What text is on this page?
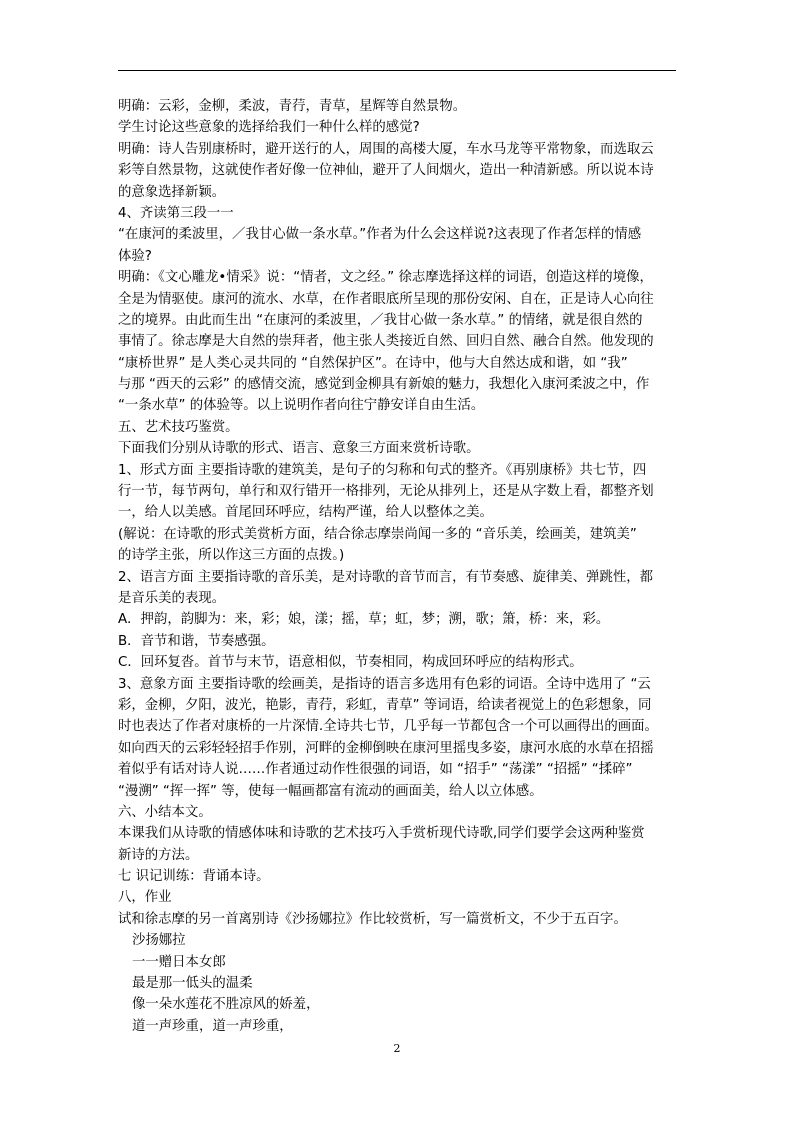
明确：云彩，金柳，柔波，青荇，青草，星辉等自然景物。
学生讨论这些意象的选择给我们一种什么样的感觉?
明确：诗人告别康桥时，避开送行的人，周围的高楼大厦，车水马龙等平常物象，而选取云
彩等自然景物，这就使作者好像一位神仙，避开了人间烟火，造出一种清新感。所以说本诗
的意象选择新颖。
4、齐读第三段一一
“在康河的柔波里，／我甘心做一条水草。”作者为什么会这样说?这表现了作者怎样的情感
体验?
明确：《文心雕龙•情采》说：“情者，文之经。” 徐志摩选择这样的词语，创造这样的境像，
全是为情驱使。康河的流水、水草，在作者眼底所呈现的那份安闲、自在，正是诗人心向往
之的境界。由此而生出 “在康河的柔波里，／我甘心做一条水草。” 的情绪，就是很自然的
事情了。徐志摩是大自然的崇拜者，他主张人类接近自然、回归自然、融合自然。他发现的
“康桥世界” 是人类心灵共同的 “自然保护区”。在诗中，他与大自然达成和谐，如 “我”
与那 “西天的云彩” 的感情交流，感觉到金柳具有新娘的魅力，我想化入康河柔波之中，作
“一条水草” 的体验等。以上说明作者向往宁静安详自由生活。
五、艺术技巧鉴赏。
下面我们分别从诗歌的形式、语言、意象三方面来赏析诗歌。
1、形式方面 主要指诗歌的建筑美，是句子的匀称和句式的整齐。《再别康桥》共七节，四
行一节，每节两句，单行和双行错开一格排列，无论从排列上，还是从字数上看，都整齐划
一，给人以美感。首尾回环呼应，结构严谨，给人以整体之美。
(解说：在诗歌的形式美赏析方面，结合徐志摩崇尚闻一多的 “音乐美，绘画美，建筑美”
的诗学主张，所以作这三方面的点拨。)
2、语言方面 主要指诗歌的音乐美，是对诗歌的音节而言，有节奏感、旋律美、弹跳性，都
是音乐美的表现。
A．押韵，韵脚为：来，彩；娘，漾；摇，草；虹，梦；溯，歌；箫，桥：来，彩。
B．音节和谐，节奏感强。
C．回环复沓。首节与末节，语意相似，节奏相同，构成回环呼应的结构形式。
3、意象方面 主要指诗歌的绘画美，是指诗的语言多选用有色彩的词语。全诗中选用了 “云
彩，金柳，夕阳，波光，艳影，青荇，彩虹，青草” 等词语，给读者视觉上的色彩想象，同
时也表达了作者对康桥的一片深情.全诗共七节，几乎每一节都包含一个可以画得出的画面。
如向西天的云彩轻轻招手作别，河畔的金柳倒映在康河里摇曳多姿，康河水底的水草在招摇
着似乎有话对诗人说……作者通过动作性很强的词语，如 “招手” “荡漾” “招摇” “揉碎”
“漫溯” “挥一挥” 等，使每一幅画都富有流动的画面美，给人以立体感。
六、小结本文。
本课我们从诗歌的情感体味和诗歌的艺术技巧入手赏析现代诗歌,同学们要学会这两种鉴赏
新诗的方法。
七 识记训练：背诵本诗。
八，作业
试和徐志摩的另一首离别诗《沙扬娜拉》作比较赏析，写一篇赏析文，不少于五百字。
沙扬娜拉
一一赠日本女郎
最是那一低头的温柔
像一朵水莲花不胜凉风的娇羞，
道一声珍重，道一声珍重，
2
